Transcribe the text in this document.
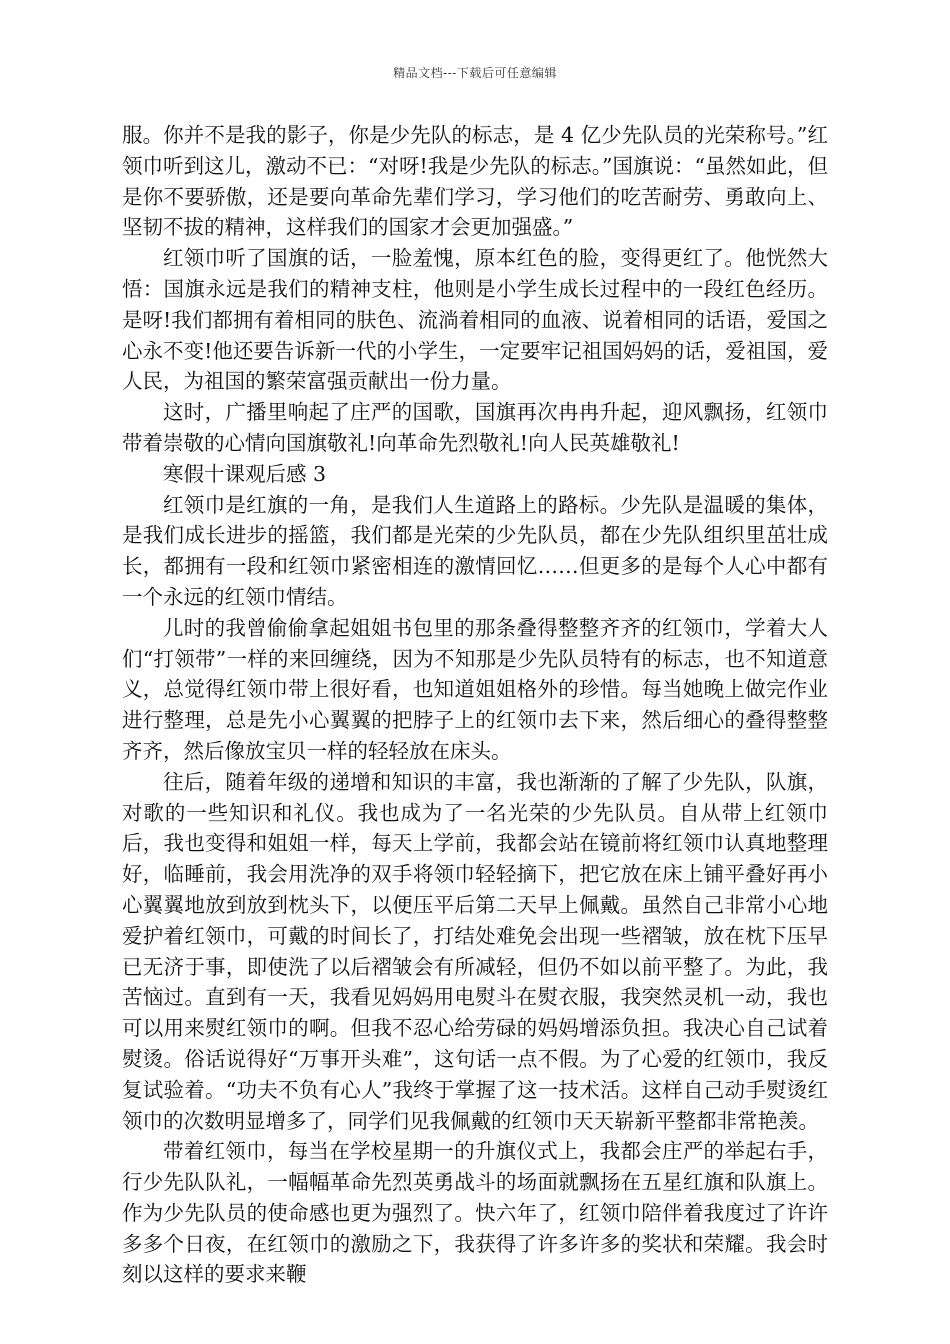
精品文档---下载后可任意编辑

服。你并不是我的影子，你是少先队的标志，是 4 亿少先队员的光荣称号。”红领巾听到这儿，激动不已：“对呀!我是少先队的标志。”国旗说：“虽然如此，但是你不要骄傲，还是要向革命先辈们学习，学习他们的吃苦耐劳、勇敢向上、坚韧不拔的精神，这样我们的国家才会更加强盛。”

红领巾听了国旗的话，一脸羞愧，原本红色的脸，变得更红了。他恍然大悟：国旗永远是我们的精神支柱，他则是小学生成长过程中的一段红色经历。是呀!我们都拥有着相同的肤色、流淌着相同的血液、说着相同的话语，爱国之心永不变!他还要告诉新一代的小学生，一定要牢记祖国妈妈的话，爱祖国，爱人民，为祖国的繁荣富强贡献出一份力量。

这时，广播里响起了庄严的国歌，国旗再次冉冉升起，迎风飘扬，红领巾带着崇敬的心情向国旗敬礼!向革命先烈敬礼!向人民英雄敬礼!

寒假十课观后感 3

红领巾是红旗的一角，是我们人生道路上的路标。少先队是温暖的集体，是我们成长进步的摇篮，我们都是光荣的少先队员，都在少先队组织里茁壮成长，都拥有一段和红领巾紧密相连的激情回忆……但更多的是每个人心中都有一个永远的红领巾情结。

儿时的我曾偷偷拿起姐姐书包里的那条叠得整整齐齐的红领巾，学着大人们“打领带”一样的来回缠绕，因为不知那是少先队员特有的标志，也不知道意义，总觉得红领巾带上很好看，也知道姐姐格外的珍惜。每当她晚上做完作业进行整理，总是先小心翼翼的把脖子上的红领巾去下来，然后细心的叠得整整齐齐，然后像放宝贝一样的轻轻放在床头。

往后，随着年级的递增和知识的丰富，我也渐渐的了解了少先队，队旗，对歌的一些知识和礼仪。我也成为了一名光荣的少先队员。自从带上红领巾后，我也变得和姐姐一样，每天上学前，我都会站在镜前将红领巾认真地整理好，临睡前，我会用洗净的双手将领巾轻轻摘下，把它放在床上铺平叠好再小心翼翼地放到放到枕头下，以便压平后第二天早上佩戴。虽然自己非常小心地爱护着红领巾，可戴的时间长了，打结处难免会出现一些褶皱，放在枕下压早已无济于事，即使洗了以后褶皱会有所减轻，但仍不如以前平整了。为此，我苦恼过。直到有一天，我看见妈妈用电熨斗在熨衣服，我突然灵机一动，我也可以用来熨红领巾的啊。但我不忍心给劳碌的妈妈增添负担。我决心自己试着熨烫。俗话说得好“万事开头难”，这句话一点不假。为了心爱的红领巾，我反复试验着。“功夫不负有心人”我终于掌握了这一技术活。这样自己动手熨烫红领巾的次数明显增多了，同学们见我佩戴的红领巾天天崭新平整都非常艳羡。

带着红领巾，每当在学校星期一的升旗仪式上，我都会庄严的举起右手，行少先队队礼，一幅幅革命先烈英勇战斗的场面就飘扬在五星红旗和队旗上。作为少先队员的使命感也更为强烈了。快六年了，红领巾陪伴着我度过了许许多多个日夜，在红领巾的激励之下，我获得了许多许多的奖状和荣耀。我会时刻以这样的要求来鞭
